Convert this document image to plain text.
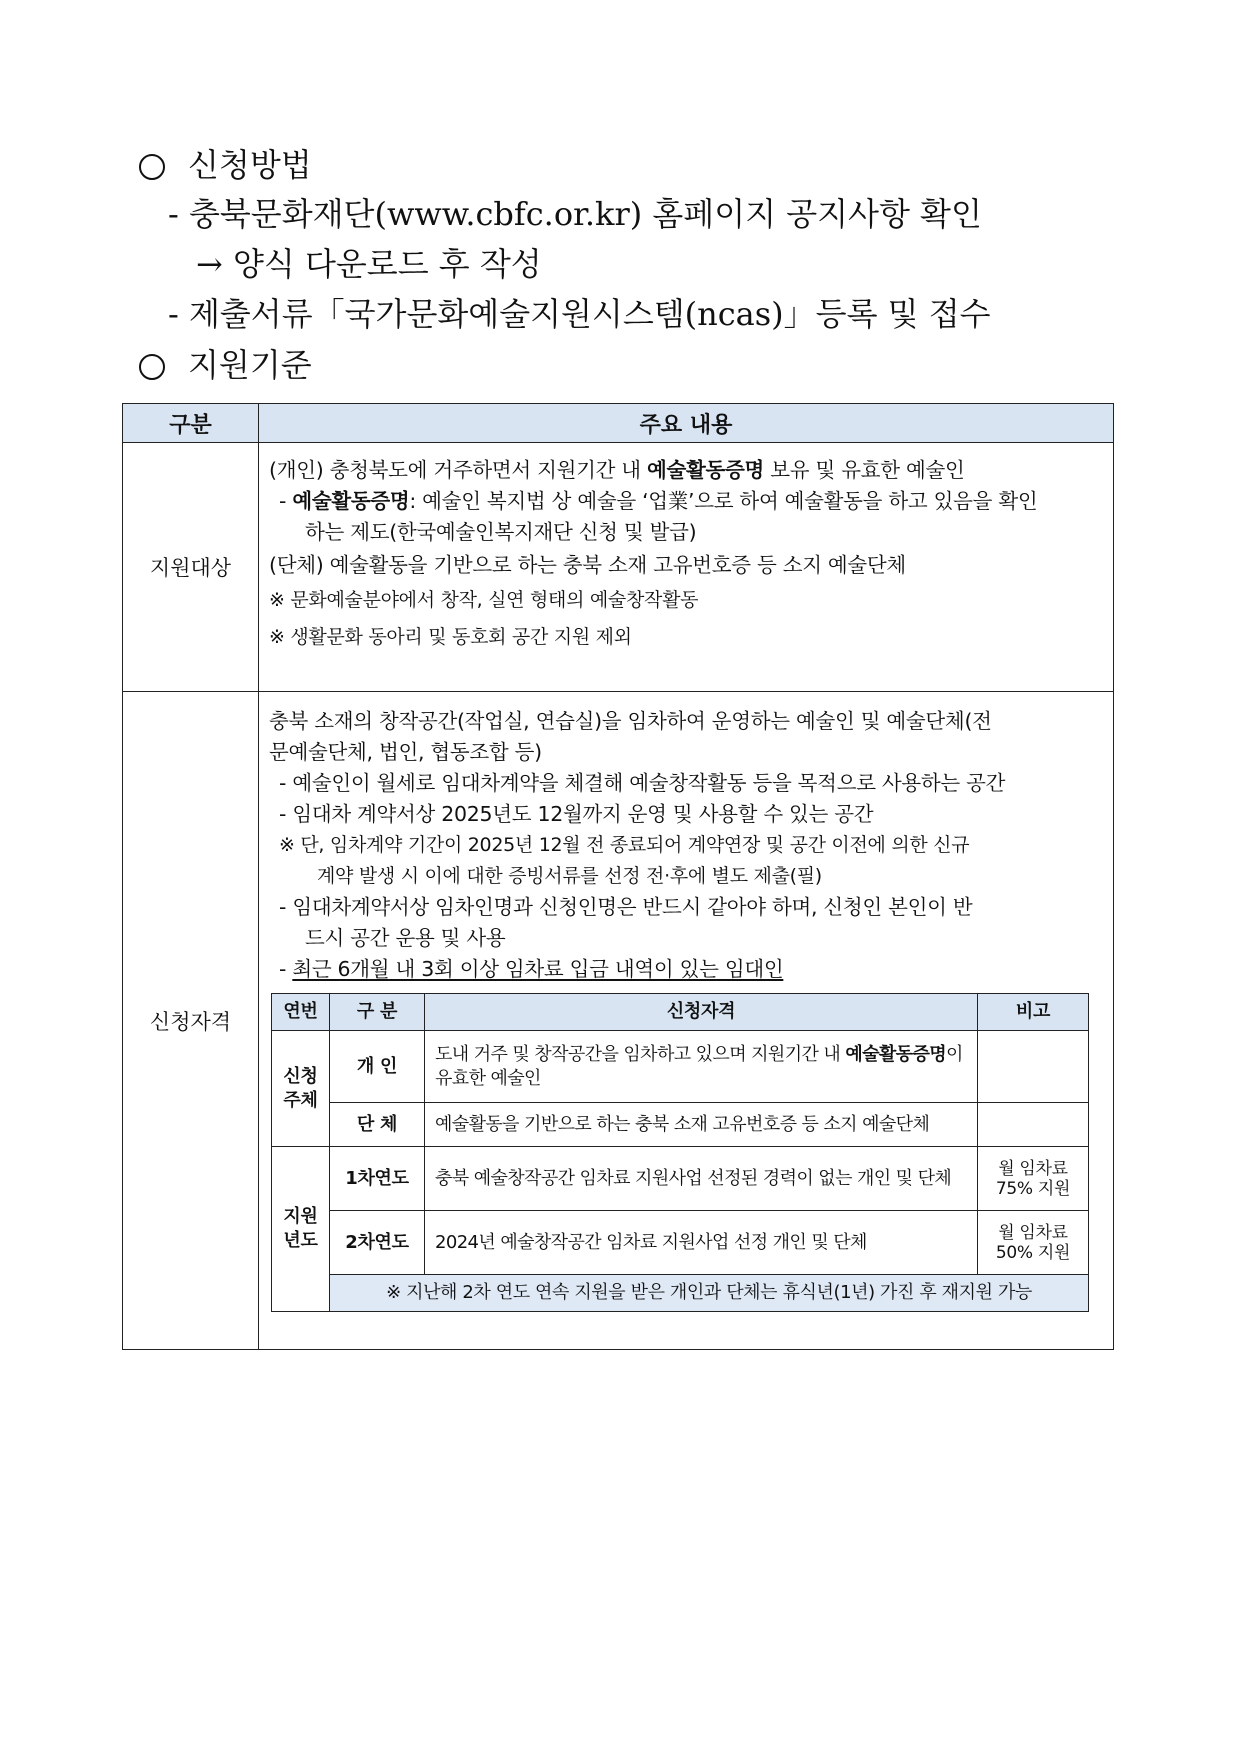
신청방법
- 충북문화재단(www.cbfc.or.kr) 홈페이지 공지사항 확인
→ 양식 다운로드 후 작성
- 제출서류「국가문화예술지원시스템(ncas)」등록 및 접수
지원기준
구분	주요 내용
지원대상	

(개인) 충청북도에 거주하면서 지원기간 내 예술활동증명 보유 및 유효한 예술인

- 예술활동증명: 예술인 복지법 상 예술을 ‘업業’으로 하여 예술활동을 하고 있음을 확인

하는 제도(한국예술인복지재단 신청 및 발급)

(단체) 예술활동을 기반으로 하는 충북 소재 고유번호증 등 소지 예술단체

※ 문화예술분야에서 창작, 실연 형태의 예술창작활동

※ 생활문화 동아리 및 동호회 공간 지원 제외

신청자격	

충북 소재의 창작공간(작업실, 연습실)을 임차하여 운영하는 예술인 및 예술단체(전

문예술단체, 법인, 협동조합 등)

- 예술인이 월세로 임대차계약을 체결해 예술창작활동 등을 목적으로 사용하는 공간

- 임대차 계약서상 2025년도 12월까지 운영 및 사용할 수 있는 공간

※ 단, 임차계약 기간이 2025년 12월 전 종료되어 계약연장 및 공간 이전에 의한 신규

계약 발생 시 이에 대한 증빙서류를 선정 전·후에 별도 제출(필)

- 임대차계약서상 임차인명과 신청인명은 반드시 같아야 하며, 신청인 본인이 반

드시 공간 운용 및 사용

- 최근 6개월 내 3회 이상 임차료 입금 내역이 있는 임대인

연번	구 분	신청자격	비고
신청
주체	개 인	도내 거주 및 창작공간을 임차하고 있으며 지원기간 내 예술활동증명이 유효한 예술인	
단 체	예술활동을 기반으로 하는 충북 소재 고유번호증 등 소지 예술단체	
지원
년도	1차연도	충북 예술창작공간 임차료 지원사업 선정된 경력이 없는 개인 및 단체	월 임차료 75% 지원
2차연도	2024년 예술창작공간 임차료 지원사업 선정 개인 및 단체	월 임차료 50% 지원
※ 지난해 2차 연도 연속 지원을 받은 개인과 단체는 휴식년(1년) 가진 후 재지원 가능
